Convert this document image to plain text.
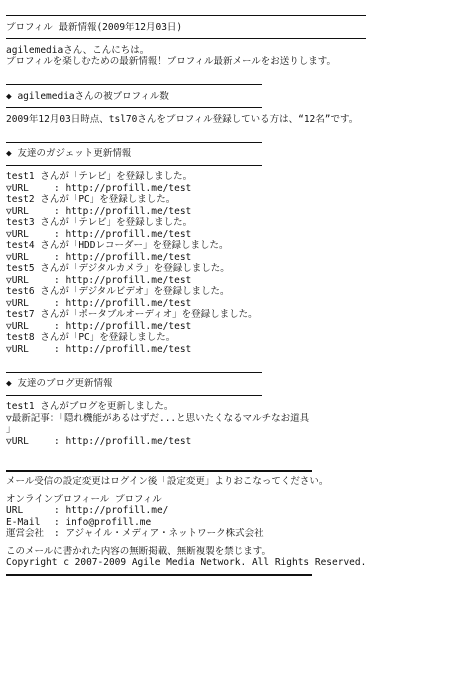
プロフィル 最新情報(2009年12月03日)
agilemediaさん、こんにちは。
プロフィルを楽しむための最新情報！プロフィル最新メールをお送りします。
◆ agilemediaさんの被プロフィル数
2009年12月03日時点、tsl70さんをプロフィル登録している方は、“12名”です。
◆ 友達のガジェット更新情報
test1 さんが「テレビ」を登録しました。
▽URL	: http://profill.me/test
test2 さんが「PC」を登録しました。
▽URL	: http://profill.me/test
test3 さんが「テレビ」を登録しました。
▽URL	: http://profill.me/test
test4 さんが「HDDレコーダー」を登録しました。
▽URL	: http://profill.me/test
test5 さんが「デジタルカメラ」を登録しました。
▽URL	: http://profill.me/test
test6 さんが「デジタルビデオ」を登録しました。
▽URL	: http://profill.me/test
test7 さんが「ポータブルオーディオ」を登録しました。
▽URL	: http://profill.me/test
test8 さんが「PC」を登録しました。
▽URL	: http://profill.me/test
◆ 友達のブログ更新情報
test1 さんがブログを更新しました。
▽最新記事：「隠れ機能があるはずだ...と思いたくなるマルチなお道具
」
▽URL	: http://profill.me/test
メール受信の設定変更はログイン後「設定変更」よりおこなってください。
オンラインプロフィール プロフィル
URL	: http://profill.me/
E-Mail : info@profill.me
運営会社 : アジャイル・メディア・ネットワーク株式会社
このメールに書かれた内容の無断掲載、無断複製を禁じます。
Copyright c 2007-2009 Agile Media Network. All Rights Reserved.
